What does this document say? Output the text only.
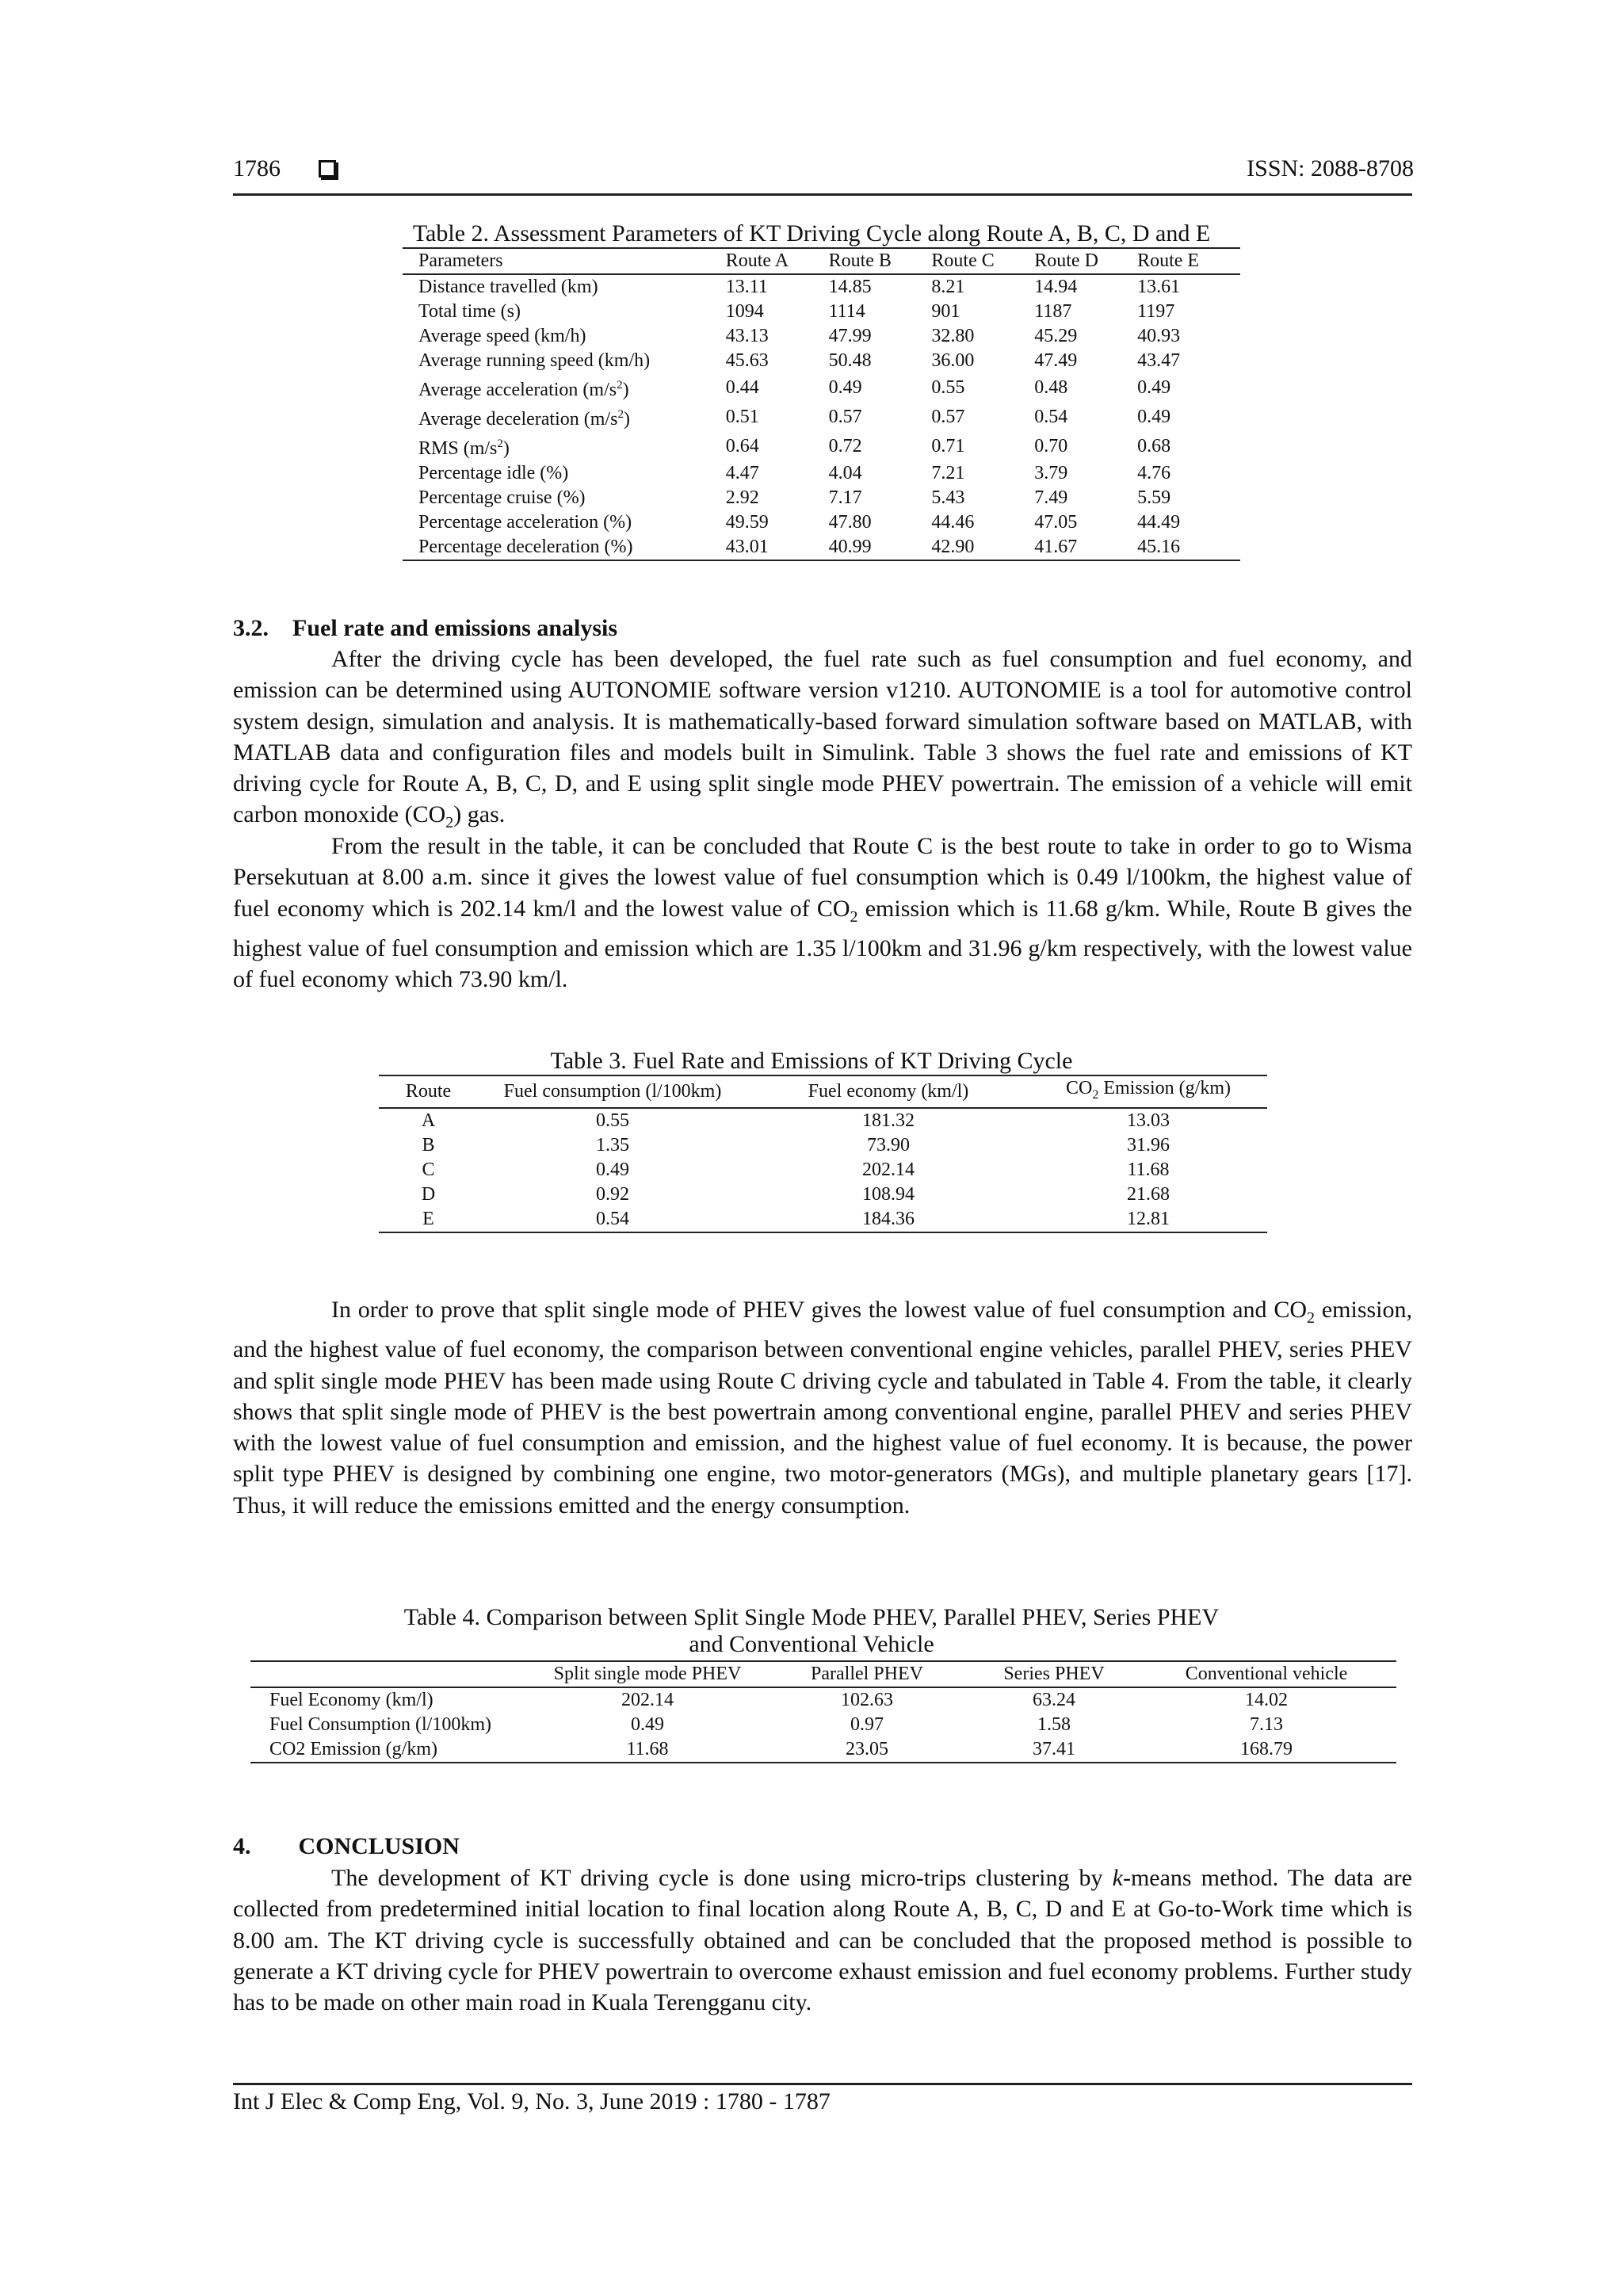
1786	ISSN: 2088-8708
Table 2. Assessment Parameters of KT Driving Cycle along Route A, B, C, D and E
Parameters	Route A	Route B	Route C	Route D	Route E
Distance travelled (km)	13.11	14.85	8.21	14.94	13.61
Total time (s)	1094	1114	901	1187	1197
Average speed (km/h)	43.13	47.99	32.80	45.29	40.93
Average running speed (km/h)	45.63	50.48	36.00	47.49	43.47
Average acceleration $(m/s^2)$	0.44	0.49	0.55	0.48	0.49
Average deceleration $(m/s^2)$	0.51	0.57	0.57	0.54	0.49
RMS $(m/s^2)$	0.64	0.72	0.71	0.70	0.68
Percentage idle (%)	4.47	4.04	7.21	3.79	4.76
Percentage cruise (%)	2.92	7.17	5.43	7.49	5.59
Percentage acceleration (%)	49.59	47.80	44.46	47.05	44.49
Percentage deceleration (%)	43.01	40.99	42.90	41.67	45.16
3.2. Fuel rate and emissions analysis

After the driving cycle has been developed, the fuel rate such as fuel consumption and fuel economy, and emission can be determined using AUTONOMIE software version v1210. AUTONOMIE is a tool for automotive control system design, simulation and analysis. It is mathematically-based forward simulation software based on MATLAB, with MATLAB data and configuration files and models built in Simulink. Table 3 shows the fuel rate and emissions of KT driving cycle for Route A, B, C, D, and E using split single mode PHEV powertrain. The emission of a vehicle will emit carbon monoxide $(CO_2)$ gas.

From the result in the table, it can be concluded that Route C is the best route to take in order to go to Wisma Persekutuan at 8.00 a.m. since it gives the lowest value of fuel consumption which is 0.49 l/100km, the highest value of fuel economy which is 202.14 km/l and the lowest value of $CO_2$ emission which is 11.68 g/km. While, Route B gives the highest value of fuel consumption and emission which are 1.35 l/100km and 31.96 g/km respectively, with the lowest value of fuel economy which 73.90 km/l.

Table 3. Fuel Rate and Emissions of KT Driving Cycle
Route	Fuel consumption (l/100km)	Fuel economy (km/l)	$CO_2$ Emission (g/km)
A	0.55	181.32	13.03
B	1.35	73.90	31.96
C	0.49	202.14	11.68
D	0.92	108.94	21.68
E	0.54	184.36	12.81

In order to prove that split single mode of PHEV gives the lowest value of fuel consumption and $CO_2$ emission, and the highest value of fuel economy, the comparison between conventional engine vehicles, parallel PHEV, series PHEV and split single mode PHEV has been made using Route C driving cycle and tabulated in Table 4. From the table, it clearly shows that split single mode of PHEV is the best powertrain among conventional engine, parallel PHEV and series PHEV with the lowest value of fuel consumption and emission, and the highest value of fuel economy. It is because, the power split type PHEV is designed by combining one engine, two motor-generators (MGs), and multiple planetary gears [17]. Thus, it will reduce the emissions emitted and the energy consumption.

Table 4. Comparison between Split Single Mode PHEV, Parallel PHEV, Series PHEV
and Conventional Vehicle
	Split single mode PHEV	Parallel PHEV	Series PHEV	Conventional vehicle
Fuel Economy (km/l)	202.14	102.63	63.24	14.02
Fuel Consumption (l/100km)	0.49	0.97	1.58	7.13
CO2 Emission (g/km)	11.68	23.05	37.41	168.79
4.  CONCLUSION

The development of KT driving cycle is done using micro-trips clustering by k-means method. The data are collected from predetermined initial location to final location along Route A, B, C, D and E at Go-to-Work time which is 8.00 am. The KT driving cycle is successfully obtained and can be concluded that the proposed method is possible to generate a KT driving cycle for PHEV powertrain to overcome exhaust emission and fuel economy problems. Further study has to be made on other main road in Kuala Terengganu city.

Int J Elec & Comp Eng, Vol. 9, No. 3, June 2019 : 1780 - 1787
